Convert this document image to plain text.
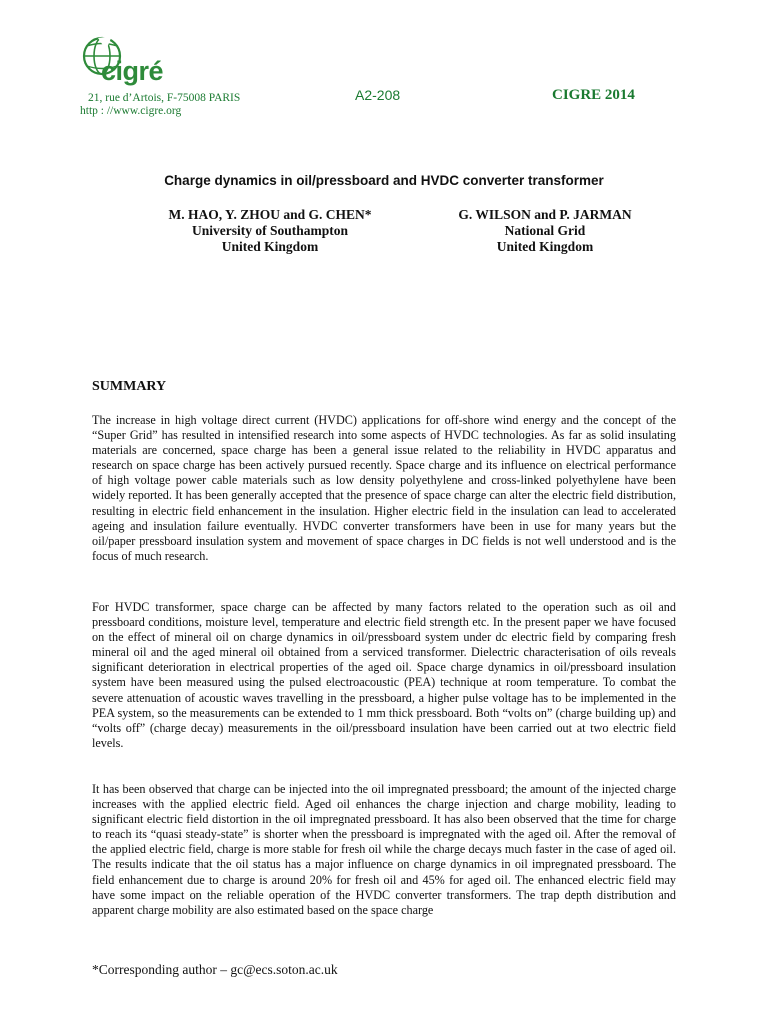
cigré
21, rue d’Artois, F-75008 PARIS
http : //www.cigre.org
A2-208	CIGRE 2014
Charge dynamics in oil/pressboard and HVDC converter transformer
M. HAO, Y. ZHOU and G. CHEN*
University of Southampton
United Kingdom
G. WILSON and P. JARMAN
National Grid
United Kingdom
SUMMARY

The increase in high voltage direct current (HVDC) applications for off-shore wind energy and the concept of the “Super Grid” has resulted in intensified research into some aspects of HVDC technologies. As far as solid insulating materials are concerned, space charge has been a general issue related to the reliability in HVDC apparatus and research on space charge has been actively pursued recently. Space charge and its influence on electrical performance of high voltage power cable materials such as low density polyethylene and cross-linked polyethylene have been widely reported. It has been generally accepted that the presence of space charge can alter the electric field distribution, resulting in electric field enhancement in the insulation. Higher electric field in the insulation can lead to accelerated ageing and insulation failure eventually. HVDC converter transformers have been in use for many years but the oil/paper pressboard insulation system and movement of space charges in DC fields is not well understood and is the focus of much research.

For HVDC transformer, space charge can be affected by many factors related to the operation such as oil and pressboard conditions, moisture level, temperature and electric field strength etc. In the present paper we have focused on the effect of mineral oil on charge dynamics in oil/pressboard system under dc electric field by comparing fresh mineral oil and the aged mineral oil obtained from a serviced transformer. Dielectric characterisation of oils reveals significant deterioration in electrical properties of the aged oil. Space charge dynamics in oil/pressboard insulation system have been measured using the pulsed electroacoustic (PEA) technique at room temperature. To combat the severe attenuation of acoustic waves travelling in the pressboard, a higher pulse voltage has to be implemented in the PEA system, so the measurements can be extended to 1 mm thick pressboard. Both “volts on” (charge building up) and “volts off” (charge decay) measurements in the oil/pressboard insulation have been carried out at two electric field levels.

It has been observed that charge can be injected into the oil impregnated pressboard; the amount of the injected charge increases with the applied electric field. Aged oil enhances the charge injection and charge mobility, leading to significant electric field distortion in the oil impregnated pressboard. It has also been observed that the time for charge to reach its “quasi steady-state” is shorter when the pressboard is impregnated with the aged oil. After the removal of the applied electric field, charge is more stable for fresh oil while the charge decays much faster in the case of aged oil. The results indicate that the oil status has a major influence on charge dynamics in oil impregnated pressboard. The field enhancement due to charge is around 20% for fresh oil and 45% for aged oil. The enhanced electric field may have some impact on the reliable operation of the HVDC converter transformers. The trap depth distribution and apparent charge mobility are also estimated based on the space charge

*Corresponding author – gc@ecs.soton.ac.uk
